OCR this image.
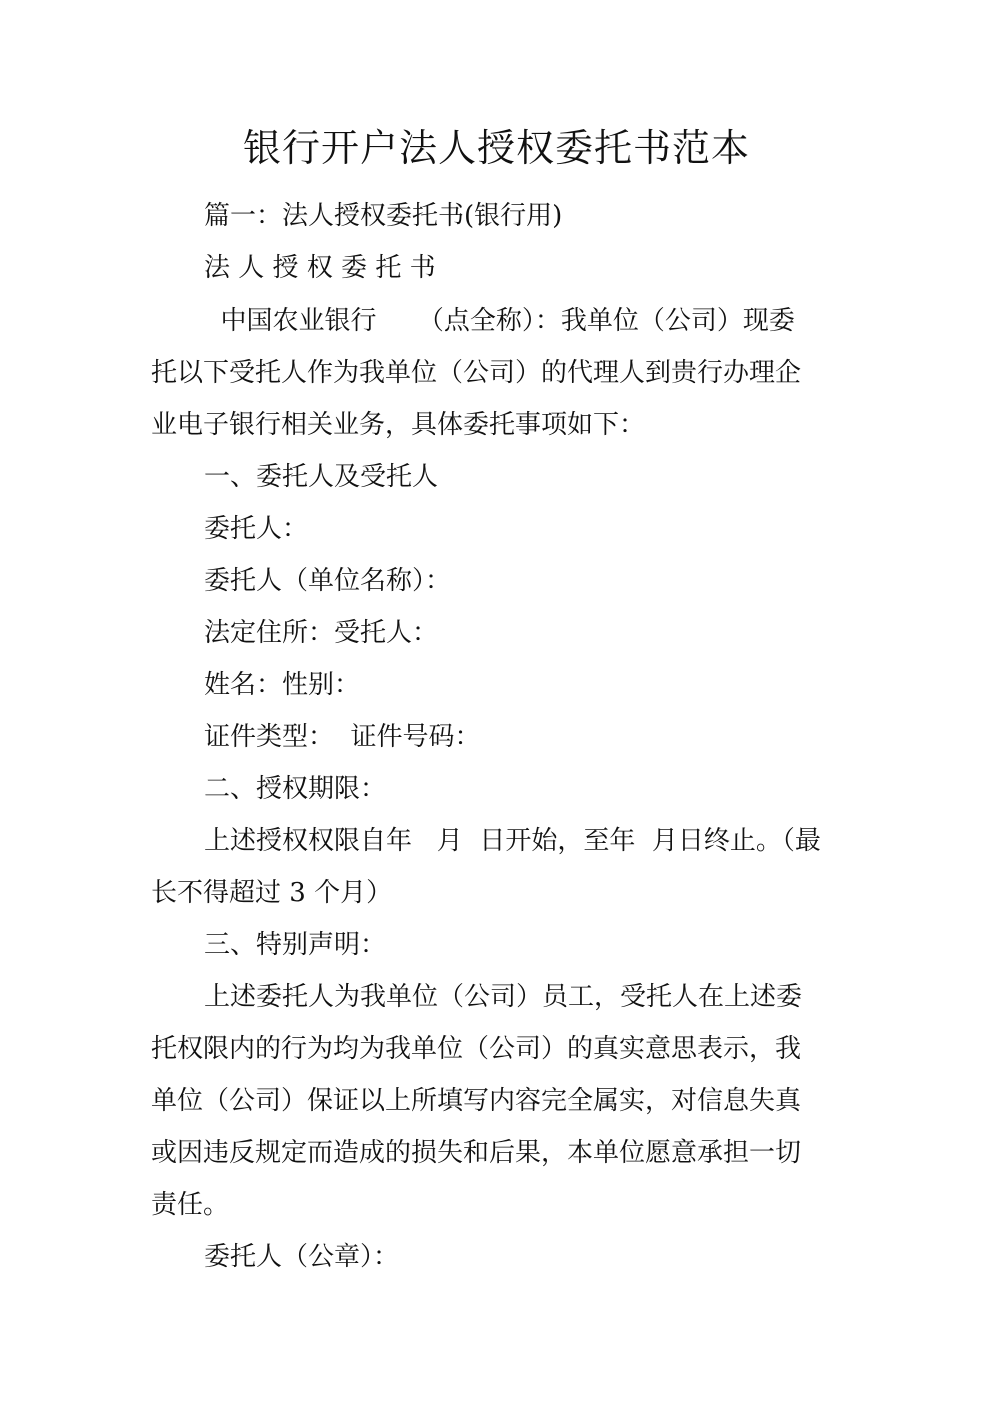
银行开户法人授权委托书范本
篇一：法人授权委托书(银行用)
法 人 授 权 委 托 书
中国农业银行     （点全称）：我单位（公司）现委
托以下受托人作为我单位（公司）的代理人到贵行办理企
业电子银行相关业务，具体委托事项如下：
一、委托人及受托人
委托人：
委托人（单位名称）：
法定住所：受托人：
姓名：性别：
证件类型：  证件号码：
二、授权期限：
上述授权权限自年   月  日开始，至年  月日终止。（最
长不得超过 3 个月）
三、特别声明：
上述委托人为我单位（公司）员工，受托人在上述委
托权限内的行为均为我单位（公司）的真实意思表示，我
单位（公司）保证以上所填写内容完全属实，对信息失真
或因违反规定而造成的损失和后果，本单位愿意承担一切
责任。
委托人（公章）：
